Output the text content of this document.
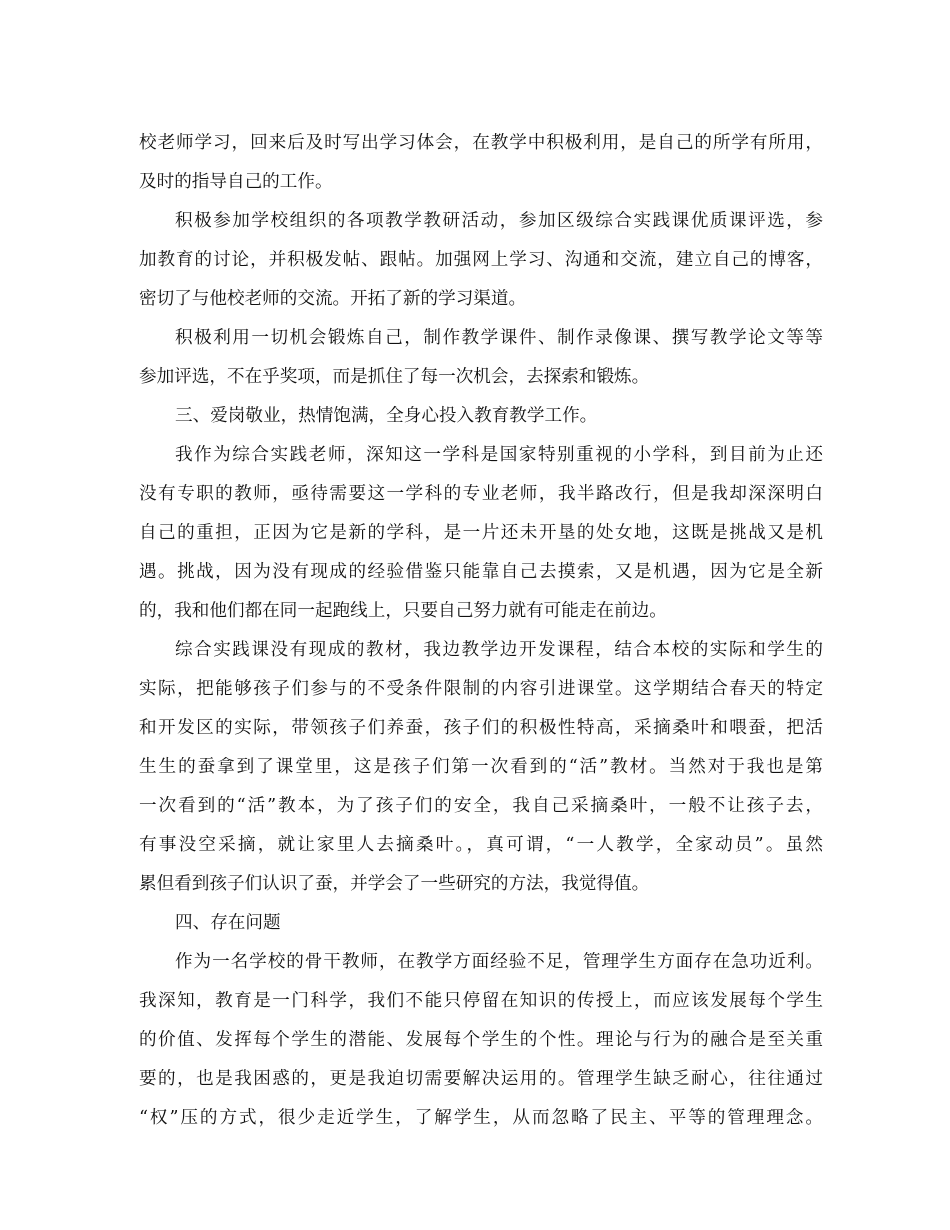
校老师学习，回来后及时写出学习体会，在教学中积极利用，是自己的所学有所用，
及时的指导自己的工作。
积极参加学校组织的各项教学教研活动，参加区级综合实践课优质课评选，参
加教育的讨论，并积极发帖、跟帖。加强网上学习、沟通和交流，建立自己的博客，
密切了与他校老师的交流。开拓了新的学习渠道。
积极利用一切机会锻炼自己，制作教学课件、制作录像课、撰写教学论文等等
参加评选，不在乎奖项，而是抓住了每一次机会，去探索和锻炼。
三、爱岗敬业，热情饱满，全身心投入教育教学工作。
我作为综合实践老师，深知这一学科是国家特别重视的小学科，到目前为止还
没有专职的教师，亟待需要这一学科的专业老师，我半路改行，但是我却深深明白
自己的重担，正因为它是新的学科，是一片还未开垦的处女地，这既是挑战又是机
遇。挑战，因为没有现成的经验借鉴只能靠自己去摸索，又是机遇，因为它是全新
的，我和他们都在同一起跑线上，只要自己努力就有可能走在前边。
综合实践课没有现成的教材，我边教学边开发课程，结合本校的实际和学生的
实际，把能够孩子们参与的不受条件限制的内容引进课堂。这学期结合春天的特定
和开发区的实际，带领孩子们养蚕，孩子们的积极性特高，采摘桑叶和喂蚕，把活
生生的蚕拿到了课堂里，这是孩子们第一次看到的“活”教材。当然对于我也是第
一次看到的“活”教本，为了孩子们的安全，我自己采摘桑叶，一般不让孩子去，
有事没空采摘，就让家里人去摘桑叶。，真可谓，“一人教学，全家动员”。虽然
累但看到孩子们认识了蚕，并学会了一些研究的方法，我觉得值。
四、存在问题
作为一名学校的骨干教师，在教学方面经验不足，管理学生方面存在急功近利。
我深知，教育是一门科学，我们不能只停留在知识的传授上，而应该发展每个学生
的价值、发挥每个学生的潜能、发展每个学生的个性。理论与行为的融合是至关重
要的，也是我困惑的，更是我迫切需要解决运用的。管理学生缺乏耐心，往往通过
“权”压的方式，很少走近学生，了解学生，从而忽略了民主、平等的管理理念。
